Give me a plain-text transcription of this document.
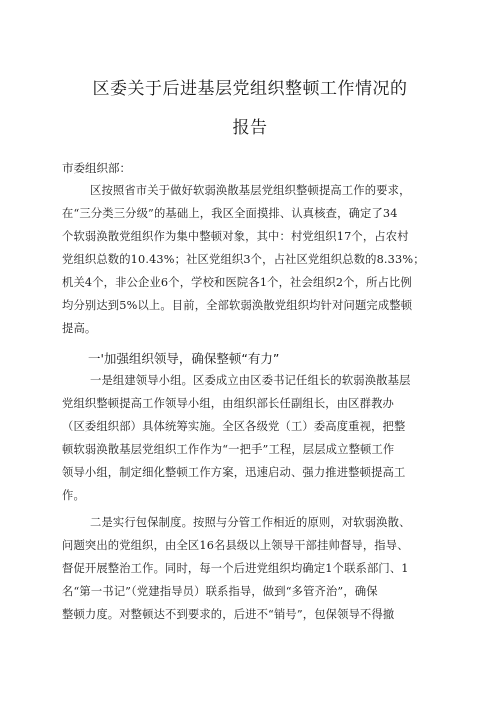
区委关于后进基层党组织整顿工作情况的
报告
市委组织部：
区按照省市关于做好软弱涣散基层党组织整顿提高工作的要求，
在“三分类三分级”的基础上，我区全面摸排、认真核查，确定了34
个软弱涣散党组织作为集中整顿对象，其中：村党组织17个，占农村
党组织总数的10.43%；社区党组织3个，占社区党组织总数的8.33%；
机关4个，非公企业6个，学校和医院各1个，社会组织2个，所占比例
均分别达到5%以上。目前，全部软弱涣散党组织均针对问题完成整顿
提高。
一'加强组织领导，确保整顿“有力”
一是组建领导小组。区委成立由区委书记任组长的软弱涣散基层
党组织整顿提高工作领导小组，由组织部长任副组长，由区群教办
（区委组织部）具体统筹实施。全区各级党（工）委高度重视，把整
顿软弱涣散基层党组织工作作为“一把手”工程，层层成立整顿工作
领导小组，制定细化整顿工作方案，迅速启动、强力推进整顿提高工
作。
二是实行包保制度。按照与分管工作相近的原则，对软弱涣散、
问题突出的党组织，由全区16名县级以上领导干部挂帅督导，指导、
督促开展整治工作。同时，每一个后进党组织均确定1个联系部门、1
名“第一书记”（党建指导员）联系指导，做到“多管齐治”，确保
整顿力度。对整顿达不到要求的，后进不“销号”，包保领导不得撤
